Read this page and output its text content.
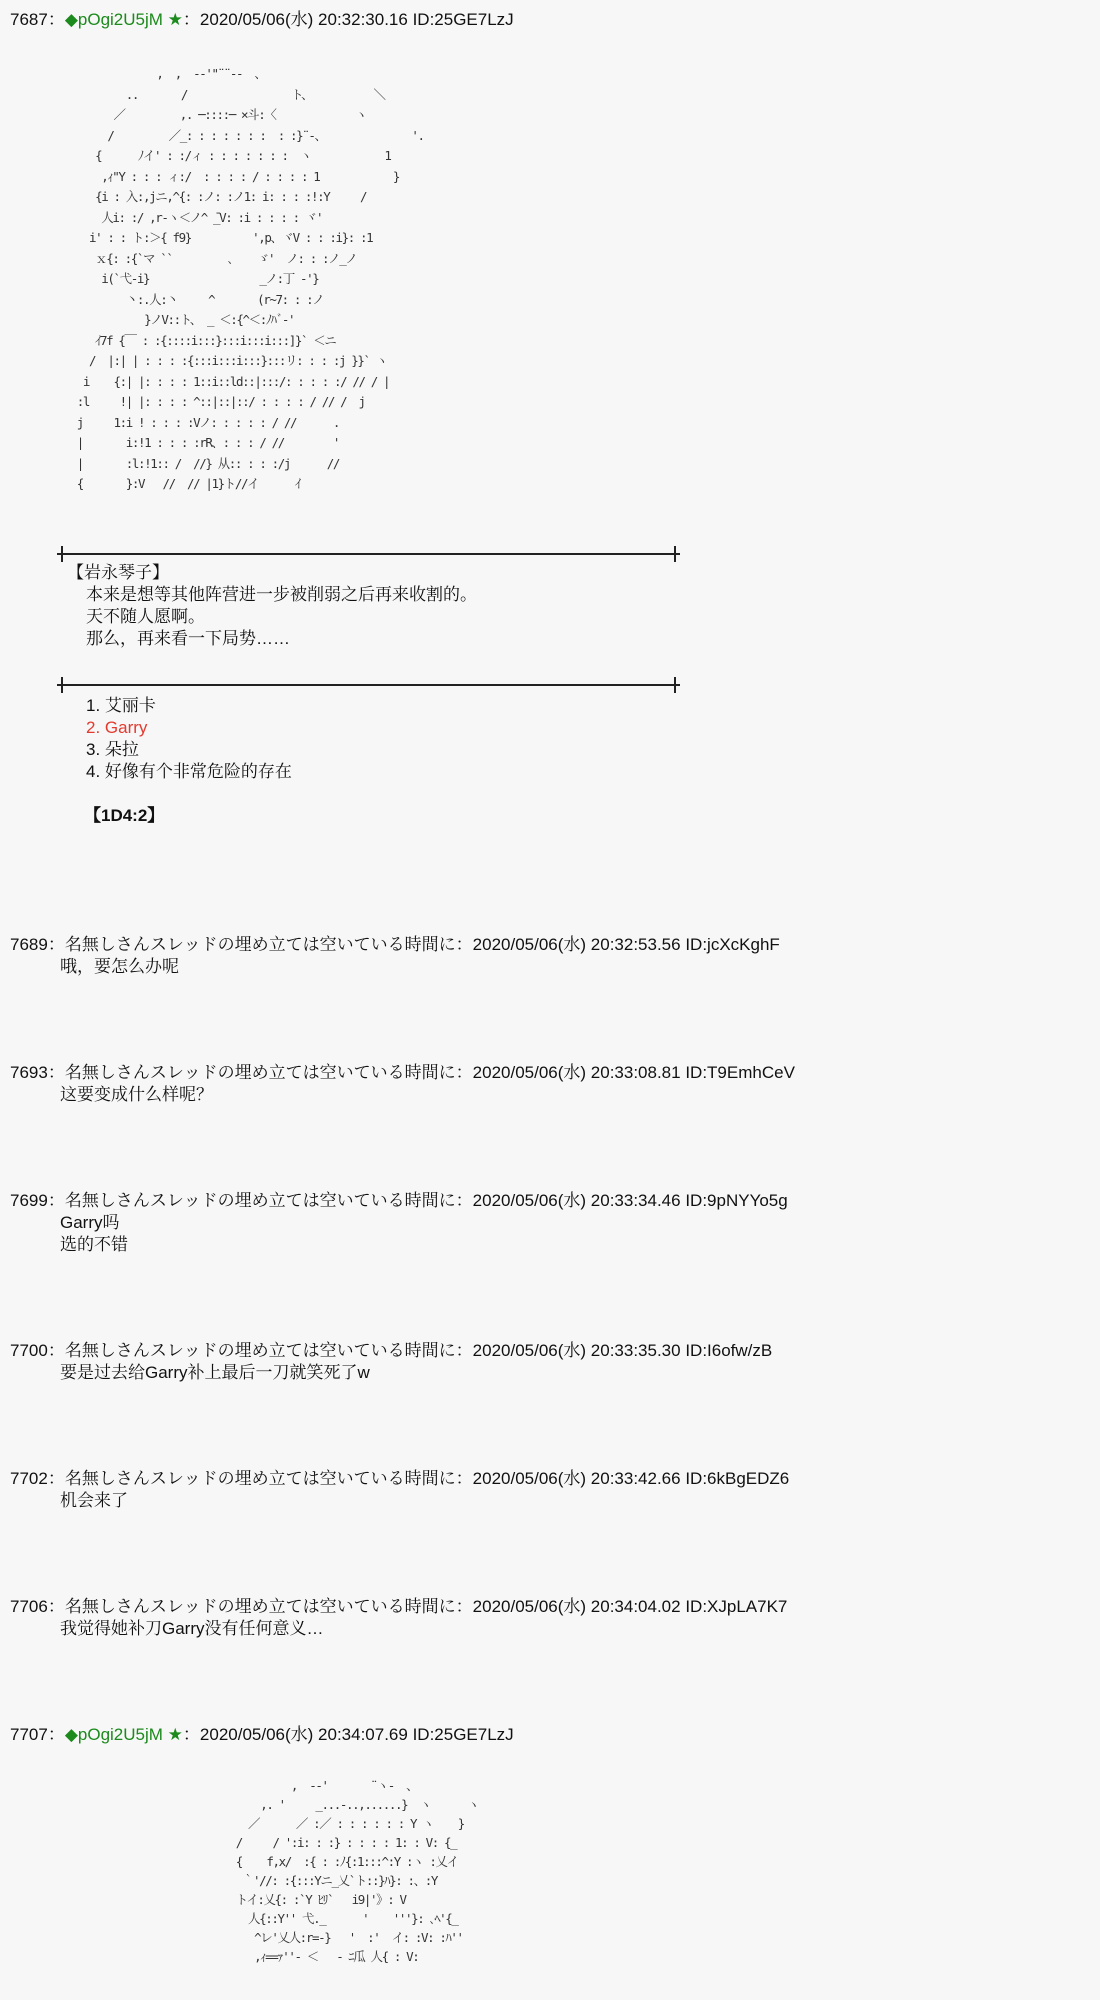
7687：◆pOgi2U5jM ★：2020/05/06(水) 20:32:30.16 ID:25GE7LzJ
,  ,  -‐'"¨¨‐-  、
..       /                 ト、          ＼
／         ,. ─::::─ ×斗:〈             ヽ
/         ／_: : : : : : :  : :}¨‐、              '.
{      ﾉイ' : :/ィ : : : : : : :  ヽ            1
,ｨ"Y : : : ィ:/  : : : : / : : : : 1            }
{i : 入:,jニ,^{: :ノ: :ノ1: i: : : :!:Y     /
人i: :/ ,r‐ヽ＜ノ^ ̄_V: :i : : : : ヾ'
i' : : ト:＞{ f9}          ',p、ヾV : : :i}: :1
ｘ{: :{`マ ``         ､    ゞ'  ノ: : :ノ_ノ
i(`弋‐i}                  _ノ:丁 ‐'}
丶:.人:丶     ^       (r~7: : :ノ
}ノV::ト、 _ ＜:{^＜:ﾉﾊﾞ-'
ｲ7f {￣ : :{::::i:::}:::i:::i:::]}` ＜ニ
/  |:| | : : : :{:::i:::i:::}:::リ: : : :j }}` ヽ
i    {:| |: : : : 1::i::ld::|:::/: : : : :/ // / |
:l     !| |: : : : ^::|::|::/ : : : : / // /  j
j     1:i ! : : : :Vノ: : : : : / //      .
|       i:!1 : : : :rR、: : : / //        '
|       :l:!1:: /  //} 从:: : : :/j      //
{       }:V   //  // |1}ト//イ      ｲ
【岩永琴子】
本来是想等其他阵营进一步被削弱之后再来收割的。
天不随人愿啊。
那么，再来看一下局势……
1. 艾丽卡
2. Garry
3. 朵拉
4. 好像有个非常危险的存在
【1D4:2】
7689：名無しさんスレッドの埋め立ては空いている時間に：2020/05/06(水) 20:32:53.56 ID:jcXcKghF
哦，要怎么办呢
7693：名無しさんスレッドの埋め立ては空いている時間に：2020/05/06(水) 20:33:08.81 ID:T9EmhCeV
这要变成什么样呢？
7699：名無しさんスレッドの埋め立ては空いている時間に：2020/05/06(水) 20:33:34.46 ID:9pNYYo5g
Garry吗
选的不错
7700：名無しさんスレッドの埋め立ては空いている時間に：2020/05/06(水) 20:33:35.30 ID:I6ofw/zB
要是过去给Garry补上最后一刀就笑死了w
7702：名無しさんスレッドの埋め立ては空いている時間に：2020/05/06(水) 20:33:42.66 ID:6kBgEDZ6
机会来了
7706：名無しさんスレッドの埋め立ては空いている時間に：2020/05/06(水) 20:34:04.02 ID:XJpLA7K7
我觉得她补刀Garry没有任何意义…
7707：◆pOgi2U5jM ★：2020/05/06(水) 20:34:07.69 ID:25GE7LzJ
,  -‐'       ¨ヽ-  、
,. '     _...-..,......}  ヽ      ヽ
／      ／ :／ : : : : : : Y ヽ    }
/     / ':i: : :} : : : : 1: : V: {_
{    f,x/  :{ : :ﾉ{:1:::^:Y :ヽ :乂イ
｀'//: :{:::Yニ_乂`ト::}ﾊ}: :、:Y
トイ:乂{: :`Y ﾋﾘ`   i9|'》: V
人{::Y'' 弋._      '    '''}: ､ﾍ'{_
^レ'乂人:r=‐}   '  :'  イ: :V: :ﾊ''
,ｨ==ｧ''‐ ＜   ‐ ﾆ瓜 人{ : V:
